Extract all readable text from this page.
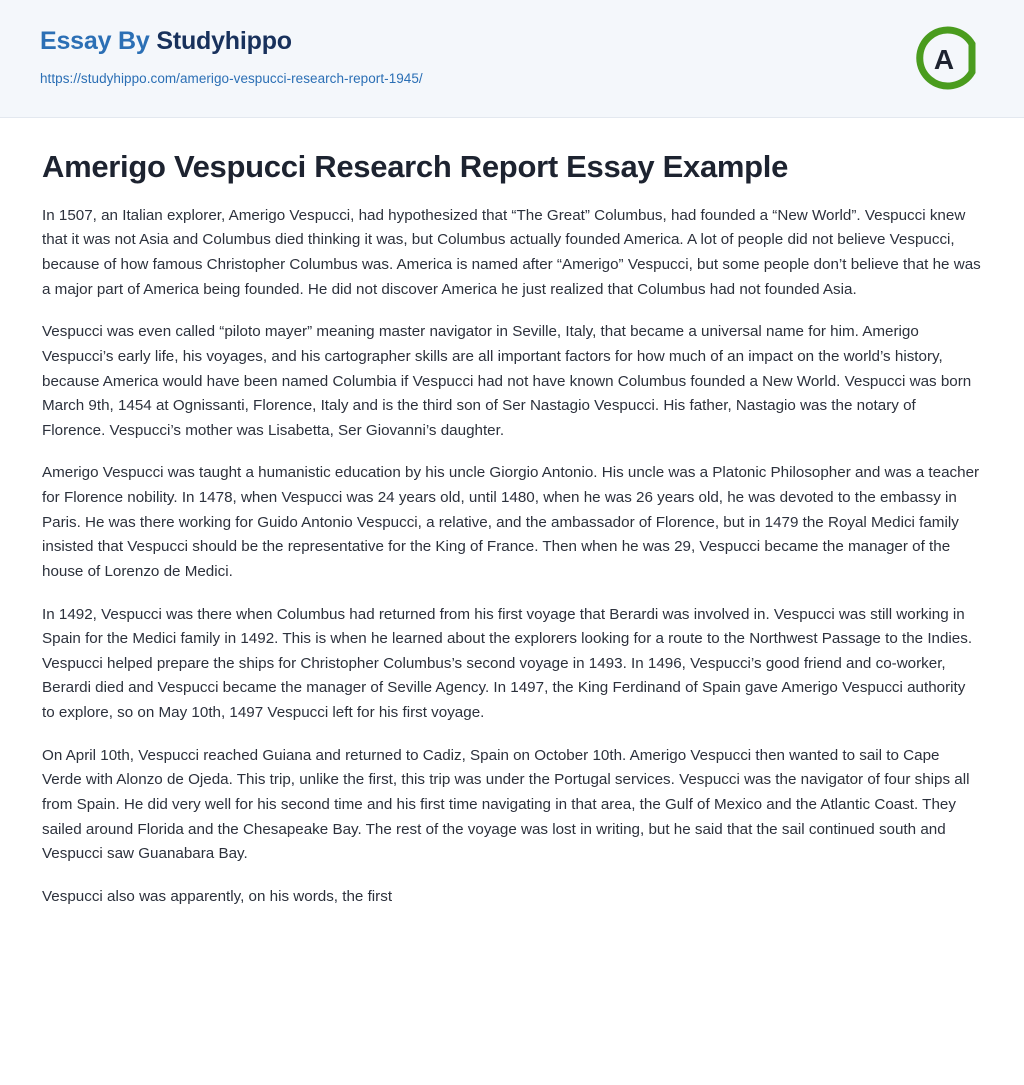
Essay By Studyhippo
https://studyhippo.com/amerigo-vespucci-research-report-1945/
A
Amerigo Vespucci Research Report Essay Example

In 1507, an Italian explorer, Amerigo Vespucci, had hypothesized that “The Great” Columbus, had founded a “New World”. Vespucci knew that it was not Asia and Columbus died thinking it was, but Columbus actually founded America. A lot of people did not believe Vespucci, because of how famous Christopher Columbus was. America is named after “Amerigo” Vespucci, but some people don’t believe that he was a major part of America being founded. He did not discover America he just realized that Columbus had not founded Asia.

Vespucci was even called “piloto mayer” meaning master navigator in Seville, Italy, that became a universal name for him. Amerigo Vespucci’s early life, his voyages, and his cartographer skills are all important factors for how much of an impact on the world’s history, because America would have been named Columbia if Vespucci had not have known Columbus founded a New World. Vespucci was born March 9th, 1454 at Ognissanti, Florence, Italy and is the third son of Ser Nastagio Vespucci. His father, Nastagio was the notary of Florence. Vespucci’s mother was Lisabetta, Ser Giovanni’s daughter.

Amerigo Vespucci was taught a humanistic education by his uncle Giorgio Antonio. His uncle was a Platonic Philosopher and was a teacher for Florence nobility. In 1478, when Vespucci was 24 years old, until 1480, when he was 26 years old, he was devoted to the embassy in Paris. He was there working for Guido Antonio Vespucci, a relative, and the ambassador of Florence, but in 1479 the Royal Medici family insisted that Vespucci should be the representative for the King of France. Then when he was 29, Vespucci became the manager of the house of Lorenzo de Medici.

In 1492, Vespucci was there when Columbus had returned from his first voyage that Berardi was involved in. Vespucci was still working in Spain for the Medici family in 1492. This is when he learned about the explorers looking for a route to the Northwest Passage to the Indies. Vespucci helped prepare the ships for Christopher Columbus’s second voyage in 1493. In 1496, Vespucci’s good friend and co-worker, Berardi died and Vespucci became the manager of Seville Agency. In 1497, the King Ferdinand of Spain gave Amerigo Vespucci authority to explore, so on May 10th, 1497 Vespucci left for his first voyage.

On April 10th, Vespucci reached Guiana and returned to Cadiz, Spain on October 10th. Amerigo Vespucci then wanted to sail to Cape Verde with Alonzo de Ojeda. This trip, unlike the first, this trip was under the Portugal services. Vespucci was the navigator of four ships all from Spain. He did very well for his second time and his first time navigating in that area, the Gulf of Mexico and the Atlantic Coast. They sailed around Florida and the Chesapeake Bay. The rest of the voyage was lost in writing, but he said that the sail continued south and Vespucci saw Guanabara Bay.

Vespucci also was apparently, on his words, the first
